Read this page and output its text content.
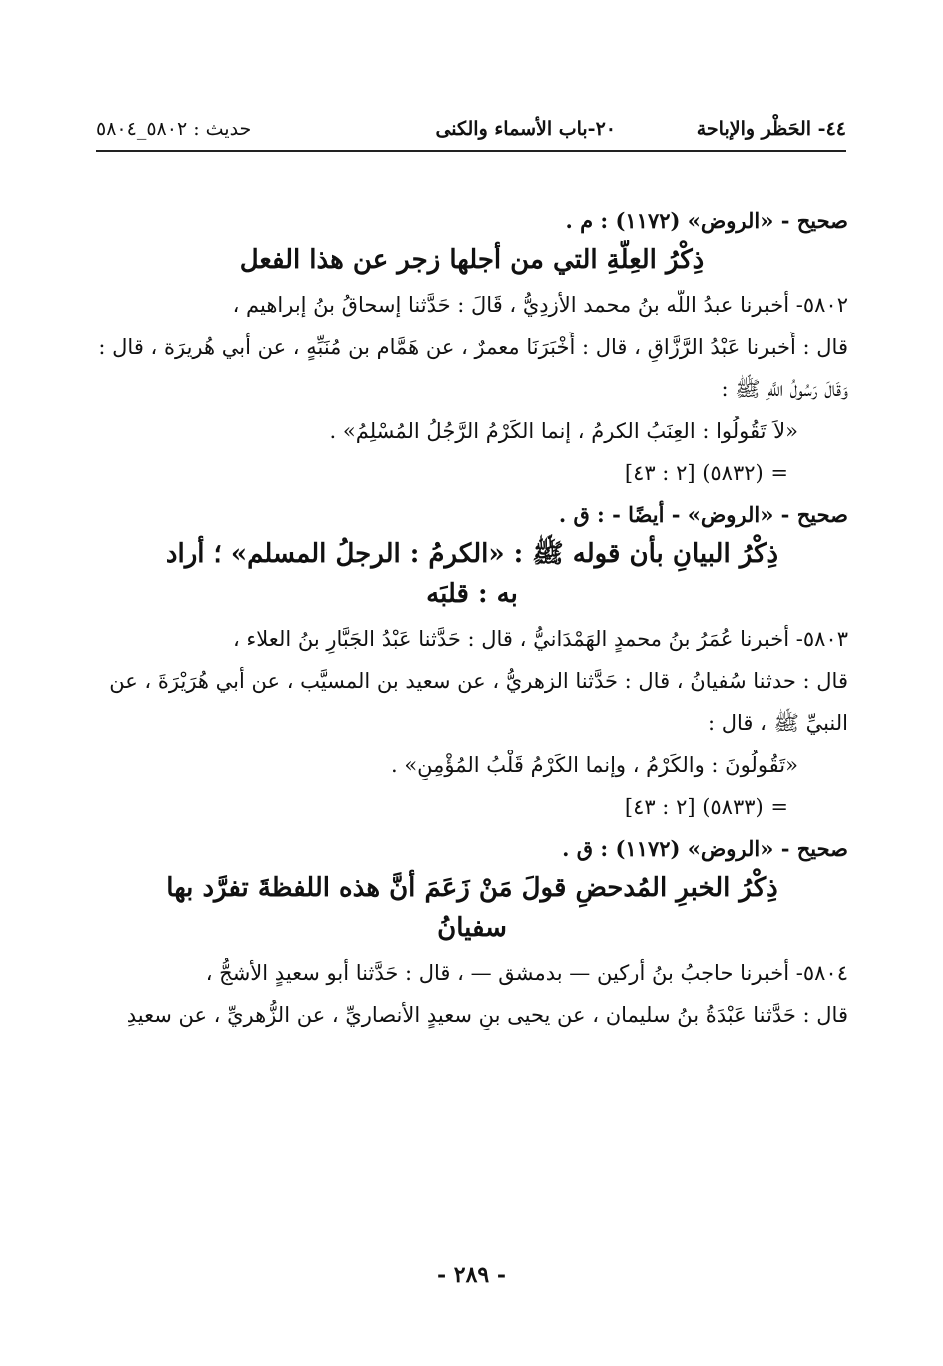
٤٤- الحَظْر والإباحة
٢٠-باب الأسماء والكنى
حديث : ٥٨٠٢_٥٨٠٤
صحيح - «الروض» (١١٧٢) : م .
ذِكْرُ العِلَّةِ التي من أجلها زجر عن هذا الفعل
٥٨٠٢- أخبرنا عبدُ اللَّه بنُ محمد الأزدِيُّ ، قَالَ : حَدَّثنا إسحاقُ بنُ إبراهيم ،
قال : أَخبرنا عَبْدُ الرَّزَّاقِ ، قال : أَخْبَرَنَا معمرٌ ، عن هَمَّام بن مُنَبِّهٍ ، عن أبي هُريرَة ، قال :
وَقَالَ رَسُولُ اللَّهِ ﷺ :
«لاَ تَقُولُوا : العِنَبُ الكرمُ ، إنما الكَرْمُ الرَّجُلُ المُسْلِمُ» .
= (٥٨٣٢) [٢ : ٤٣]
صحيح - «الروض» - أيضًا - : ق .
ذِكْرُ البيانِ بأن قوله ﷺ : «الكرمُ : الرجلُ المسلم» ؛ أراد به : قلبَه
٥٨٠٣- أخبرنا عُمَرُ بنُ محمدٍ الهَمْدَانيُّ ، قال : حَدَّثنا عَبْدُ الجَبَّارِ بنُ العلاء ،
قال : حدثنا سُفيانُ ، قال : حَدَّثنا الزهريُّ ، عن سعيد بن المسيَّب ، عن أبي هُرَيْرَةَ ، عن
النبيِّ ﷺ ، قال :
«تَقُولُونَ : والكَرْمُ ، وإنما الكَرْمُ قَلْبُ المُؤْمِنِ» .
= (٥٨٣٣) [٢ : ٤٣]
صحيح - «الروض» (١١٧٢) : ق .
ذِكْرُ الخبرِ المُدحضِ قولَ مَنْ زَعَمَ أنَّ هذه اللفظةَ تفرَّد بها سفيانُ
٥٨٠٤- أخبرنا حاجبُ بنُ أركين — بدمشق — ، قال : حَدَّثنا أبو سعيدٍ الأشجُّ ،
قال : حَدَّثنا عَبْدَةُ بنُ سليمان ، عن يحيى بنِ سعيدٍ الأنصاريِّ ، عن الزُّهريِّ ، عن سعيدِ
- ٢٨٩ -
